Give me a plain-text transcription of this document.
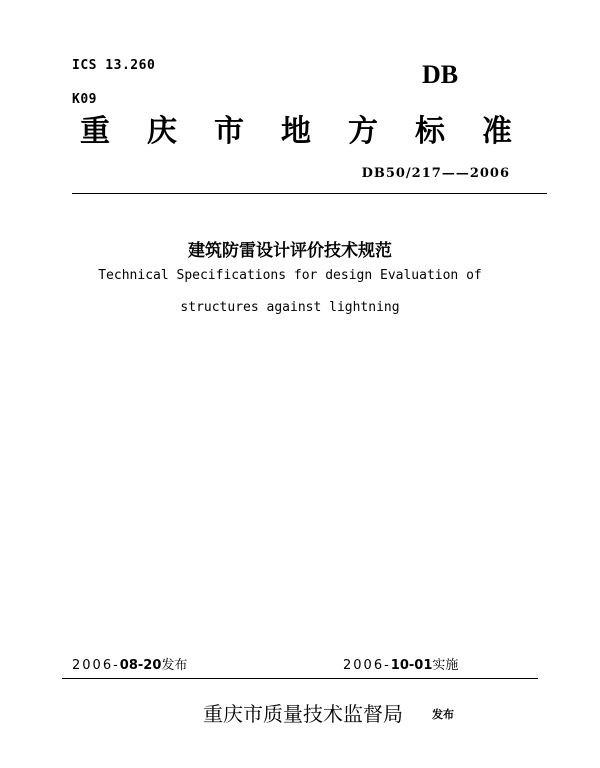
ICS 13.260
K09
DB
重 庆 市 地 方 标 准
DB50/217——2006
建筑防雷设计评价技术规范
Technical Specifications for design Evaluation of
structures against lightning
2006-08-20发布	2006-10-01实施
重庆市质量技术监督局	发布
